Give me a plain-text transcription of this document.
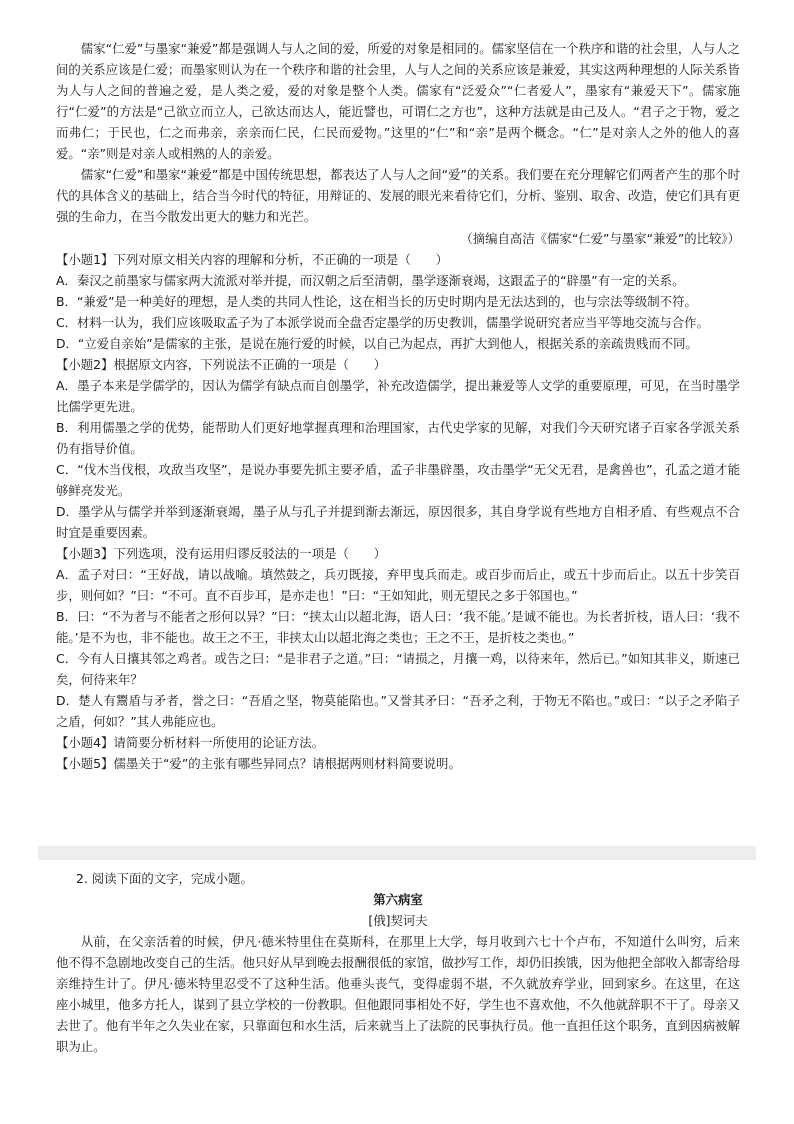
儒家“仁爱”与墨家“兼爱”都是强调人与人之间的爱，所爱的对象是相同的。儒家坚信在一个秩序和谐的社会里，人与人之间的关系应该是仁爱；而墨家则认为在一个秩序和谐的社会里，人与人之间的关系应该是兼爱，其实这两种理想的人际关系皆为人与人之间的普遍之爱，是人类之爱，爱的对象是整个人类。儒家有“泛爱众”“仁者爱人”，墨家有“兼爱天下”。儒家施行“仁爱”的方法是“己欲立而立人，己欲达而达人，能近譬也，可谓仁之方也”，这种方法就是由己及人。“君子之于物，爱之而弗仁；于民也，仁之而弗亲，亲亲而仁民，仁民而爱物。”这里的“仁”和“亲”是两个概念。“仁”是对亲人之外的他人的喜爱。“亲”则是对亲人或相熟的人的亲爱。

儒家“仁爱”和墨家“兼爱”都是中国传统思想，都表达了人与人之间“爱”的关系。我们要在充分理解它们两者产生的那个时代的具体含义的基础上，结合当今时代的特征，用辩证的、发展的眼光来看待它们，分析、鉴别、取舍、改造，使它们具有更强的生命力，在当今散发出更大的魅力和光芒。

（摘编自高洁《儒家“仁爱”与墨家“兼爱”的比较》）

【小题1】下列对原文相关内容的理解和分析，不正确的一项是（　　）

A．秦汉之前墨家与儒家两大流派对举并提，而汉朝之后至清朝，墨学逐渐衰竭，这跟孟子的“辟墨”有一定的关系。

B．“兼爱”是一种美好的理想，是人类的共同人性论，这在相当长的历史时期内是无法达到的，也与宗法等级制不符。

C．材料一认为，我们应该吸取孟子为了本派学说而全盘否定墨学的历史教训，儒墨学说研究者应当平等地交流与合作。

D．“立爱自亲始”是儒家的主张，是说在施行爱的时候，以自己为起点，再扩大到他人，根据关系的亲疏贵贱而不同。

【小题2】根据原文内容，下列说法不正确的一项是（　　）

A．墨子本来是学儒学的，因认为儒学有缺点而自创墨学，补充改造儒学，提出兼爱等人文学的重要原理，可见，在当时墨学比儒学更先进。

B．利用儒墨之学的优势，能帮助人们更好地掌握真理和治理国家，古代史学家的见解，对我们今天研究诸子百家各学派关系仍有指导价值。

C．“伐木当伐根，攻敌当攻坚”，是说办事要先抓主要矛盾，孟子非墨辟墨，攻击墨学“无父无君，是禽兽也”，孔孟之道才能够鲜亮发光。

D．墨学从与儒学并举到逐渐衰竭，墨子从与孔子并提到渐去渐远，原因很多，其自身学说有些地方自相矛盾、有些观点不合时宜是重要因素。

【小题3】下列选项，没有运用归谬反驳法的一项是（　　）

A．孟子对曰：“王好战，请以战喻。填然鼓之，兵刃既接，弃甲曳兵而走。或百步而后止，或五十步而后止。以五十步笑百步，则何如？”曰：“不可。直不百步耳，是亦走也！”曰：“王如知此，则无望民之多于邻国也。”

B．曰：“不为者与不能者之形何以异？”曰：“挟太山以超北海，语人曰：‘我不能。’是诚不能也。为长者折枝，语人曰：‘我不能。’是不为也，非不能也。故王之不王，非挟太山以超北海之类也；王之不王，是折枝之类也。”

C．今有人日攘其邻之鸡者。或告之曰：“是非君子之道。”曰：“请损之，月攘一鸡，以待来年，然后已。”如知其非义，斯速已矣，何待来年？

D．楚人有鬻盾与矛者，誉之曰：“吾盾之坚，物莫能陷也。”又誉其矛曰：“吾矛之利，于物无不陷也。”或曰：“以子之矛陷子之盾，何如？”其人弗能应也。

【小题4】请简要分析材料一所使用的论证方法。

【小题5】儒墨关于“爱”的主张有哪些异同点？请根据两则材料简要说明。

2. 阅读下面的文字，完成小题。

第六病室

[俄]契诃夫

从前，在父亲活着的时候，伊凡·德米特里住在莫斯科，在那里上大学，每月收到六七十个卢布，不知道什么叫穷，后来他不得不急剧地改变自己的生活。他只好从早到晚去报酬很低的家馆，做抄写工作，却仍旧挨饿，因为他把全部收入都寄给母亲维持生计了。伊凡·德米特里忍受不了这种生活。他垂头丧气，变得虚弱不堪，不久就放弃学业，回到家乡。在这里，在这座小城里，他多方托人，谋到了县立学校的一份教职。但他跟同事相处不好，学生也不喜欢他，不久他就辞职不干了。母亲又去世了。他有半年之久失业在家，只靠面包和水生活，后来就当上了法院的民事执行员。他一直担任这个职务，直到因病被解职为止。
